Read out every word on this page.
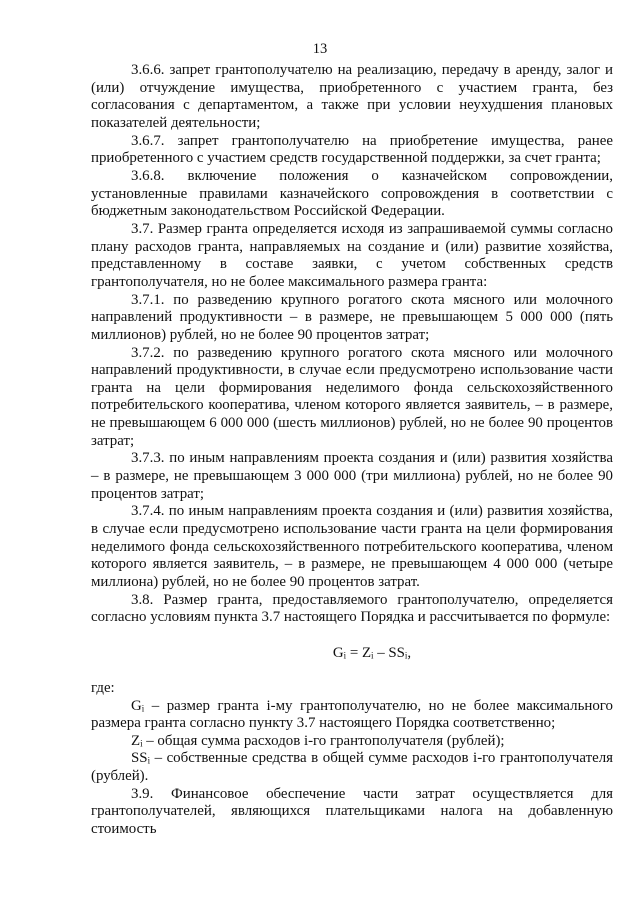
13

3.6.6. запрет грантополучателю на реализацию, передачу в аренду, залог и (или) отчуждение имущества, приобретенного с участием гранта, без согласования с департаментом, а также при условии неухудшения плановых показателей деятельности;

3.6.7. запрет грантополучателю на приобретение имущества, ранее приобретенного с участием средств государственной поддержки, за счет гранта;

3.6.8. включение положения о казначейском сопровождении, установленные правилами казначейского сопровождения в соответствии с бюджетным законодательством Российской Федерации.

3.7. Размер гранта определяется исходя из запрашиваемой суммы согласно плану расходов гранта, направляемых на создание и (или) развитие хозяйства, представленному в составе заявки, с учетом собственных средств грантополучателя, но не более максимального размера гранта:

3.7.1. по разведению крупного рогатого скота мясного или молочного направлений продуктивности – в размере, не превышающем 5 000 000 (пять миллионов) рублей, но не более 90 процентов затрат;

3.7.2. по разведению крупного рогатого скота мясного или молочного направлений продуктивности, в случае если предусмотрено использование части гранта на цели формирования неделимого фонда сельскохозяйственного потребительского кооператива, членом которого является заявитель, – в размере, не превышающем 6 000 000 (шесть миллионов) рублей, но не более 90 процентов затрат;

3.7.3. по иным направлениям проекта создания и (или) развития хозяйства – в размере, не превышающем 3 000 000 (три миллиона) рублей, но не более 90 процентов затрат;

3.7.4. по иным направлениям проекта создания и (или) развития хозяйства, в случае если предусмотрено использование части гранта на цели формирования неделимого фонда сельскохозяйственного потребительского кооператива, членом которого является заявитель, – в размере, не превышающем 4 000 000 (четыре миллиона) рублей, но не более 90 процентов затрат.

3.8. Размер гранта, предоставляемого грантополучателю, определяется согласно условиям пункта 3.7 настоящего Порядка и рассчитывается по формуле:

Gᵢ = Zᵢ – SSᵢ,

где:

Gᵢ – размер гранта i-му грантополучателю, но не более максимального размера гранта согласно пункту 3.7 настоящего Порядка соответственно;

Zᵢ – общая сумма расходов i-го грантополучателя (рублей);

SSᵢ – собственные средства в общей сумме расходов i-го грантополучателя (рублей).

3.9. Финансовое обеспечение части затрат осуществляется для грантополучателей, являющихся плательщиками налога на добавленную стоимость
